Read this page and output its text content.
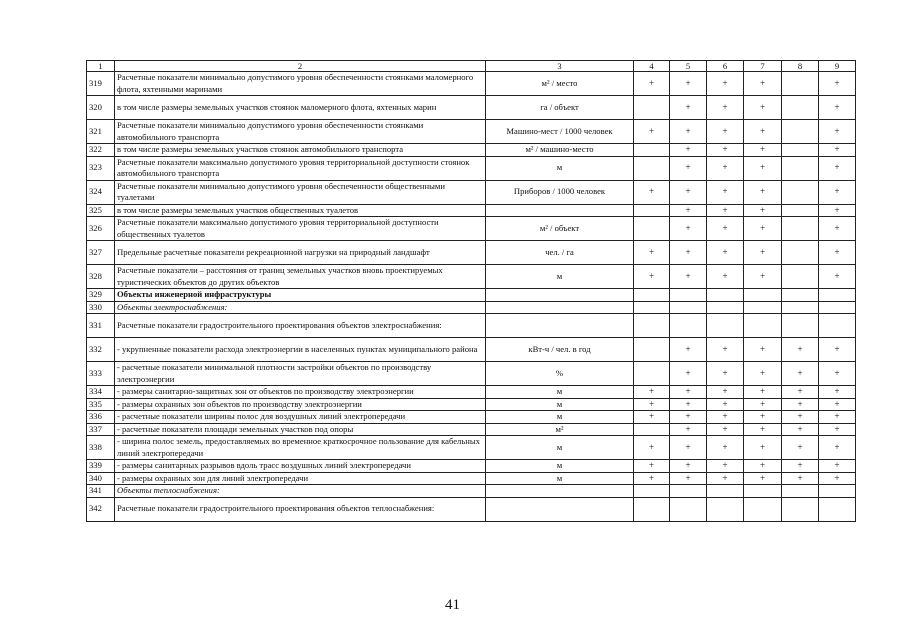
1	2	3	4	5	6	7	8	9
319	Расчетные показатели минимально допустимого уровня обеспеченности стоянками маломерного флота, яхтенными маринами	м² / место	+	+	+	+		+
320	в том числе размеры земельных участков стоянок маломерного флота, яхтенных марин	га / объект		+	+	+		+
321	Расчетные показатели минимально допустимого уровня обеспеченности стоянками автомобильного транспорта	Машино-мест / 1000 человек	+	+	+	+		+
322	в том числе размеры земельных участков стоянок автомобильного транспорта	м² / машино-место		+	+	+		+
323	Расчетные показатели максимально допустимого уровня территориальной доступности стоянок автомобильного транспорта	м		+	+	+		+
324	Расчетные показатели минимально допустимого уровня обеспеченности общественными туалетами	Приборов / 1000 человек	+	+	+	+		+
325	в том числе размеры земельных участков общественных туалетов			+	+	+		+
326	Расчетные показатели максимально допустимого уровня территориальной доступности общественных туалетов	м² / объект		+	+	+		+
327	Предельные расчетные показатели рекреационной нагрузки на природный ландшафт	чел. / га	+	+	+	+		+
328	Расчетные показатели – расстояния от границ земельных участков вновь проектируемых туристических объектов до других объектов	м	+	+	+	+		+
329	Объекты инженерной инфраструктуры							
330	Объекты электроснабжения:							
331	Расчетные показатели градостроительного проектирования объектов электроснабжения:							
332	- укрупненные показатели расхода электроэнергии в населенных пунктах муниципального района	кВт-ч / чел. в год		+	+	+	+	+
333	- расчетные показатели минимальной плотности застройки объектов по производству электроэнергии	%		+	+	+	+	+
334	- размеры санитарно-защитных зон от объектов по производству электроэнергии	м	+	+	+	+	+	+
335	- размеры охранных зон объектов по производству электроэнергии	м	+	+	+	+	+	+
336	- расчетные показатели ширины полос для воздушных линий электропередачи	м	+	+	+	+	+	+
337	- расчетные показатели площади земельных участков под опоры	м²		+	+	+	+	+
338	- ширина полос земель, предоставляемых во временное краткосрочное пользование для кабельных линий электропередачи	м	+	+	+	+	+	+
339	- размеры санитарных разрывов вдоль трасс воздушных линий электропередачи	м	+	+	+	+	+	+
340	- размеры охранных зон для линий электропередачи	м	+	+	+	+	+	+
341	Объекты теплоснабжения:							
342	Расчетные показатели градостроительного проектирования объектов теплоснабжения:							
41
